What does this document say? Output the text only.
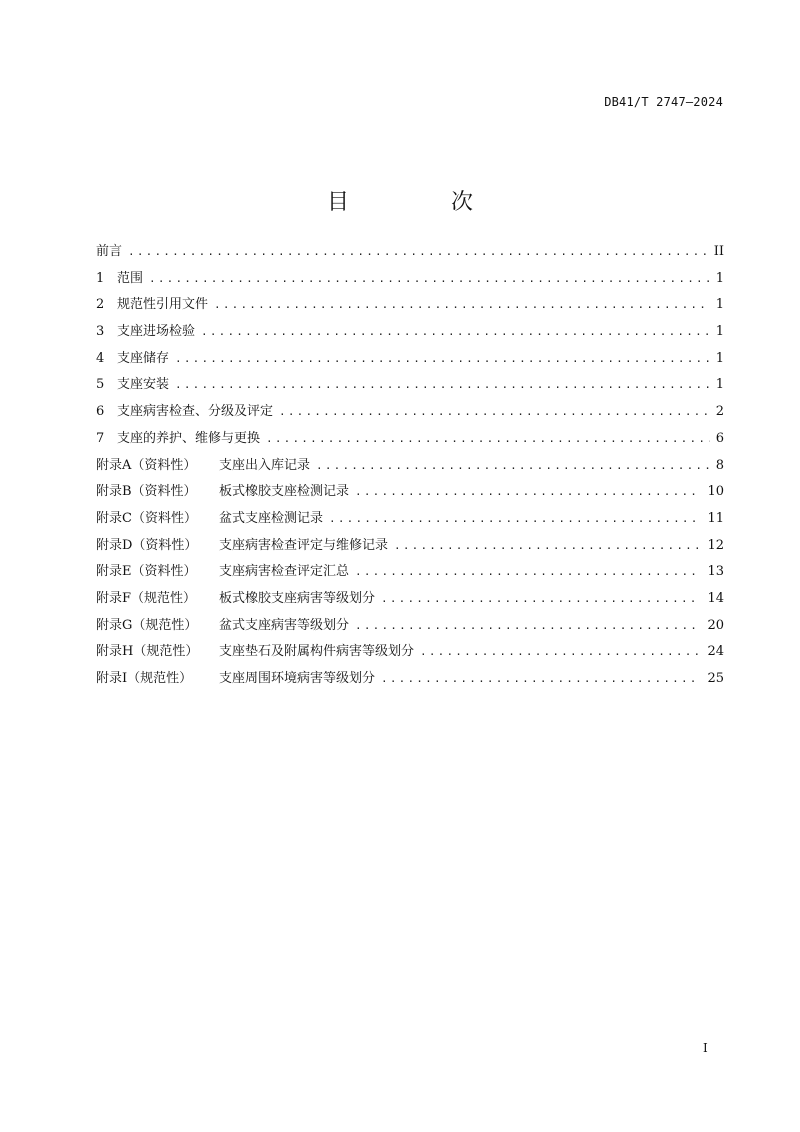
DB41/T 2747—2024
目　次
前言 .....	II
1 范围 .....	1
2 规范性引用文件 .....	1
3 支座进场检验 .....	1
4 支座储存 .....	1
5 支座安装 .....	1
6 支座病害检查、分级及评定 .....	2
7 支座的养护、维修与更换 .....	6
附录A（资料性） 支座出入库记录 .....	8
附录B（资料性） 板式橡胶支座检测记录 .....	10
附录C（资料性） 盆式支座检测记录 .....	11
附录D（资料性） 支座病害检查评定与维修记录 .....	12
附录E（资料性） 支座病害检查评定汇总 .....	13
附录F（规范性） 板式橡胶支座病害等级划分 .....	14
附录G（规范性） 盆式支座病害等级划分 .....	20
附录H（规范性） 支座垫石及附属构件病害等级划分 .....	24
附录I（规范性） 支座周围环境病害等级划分 .....	25
I
